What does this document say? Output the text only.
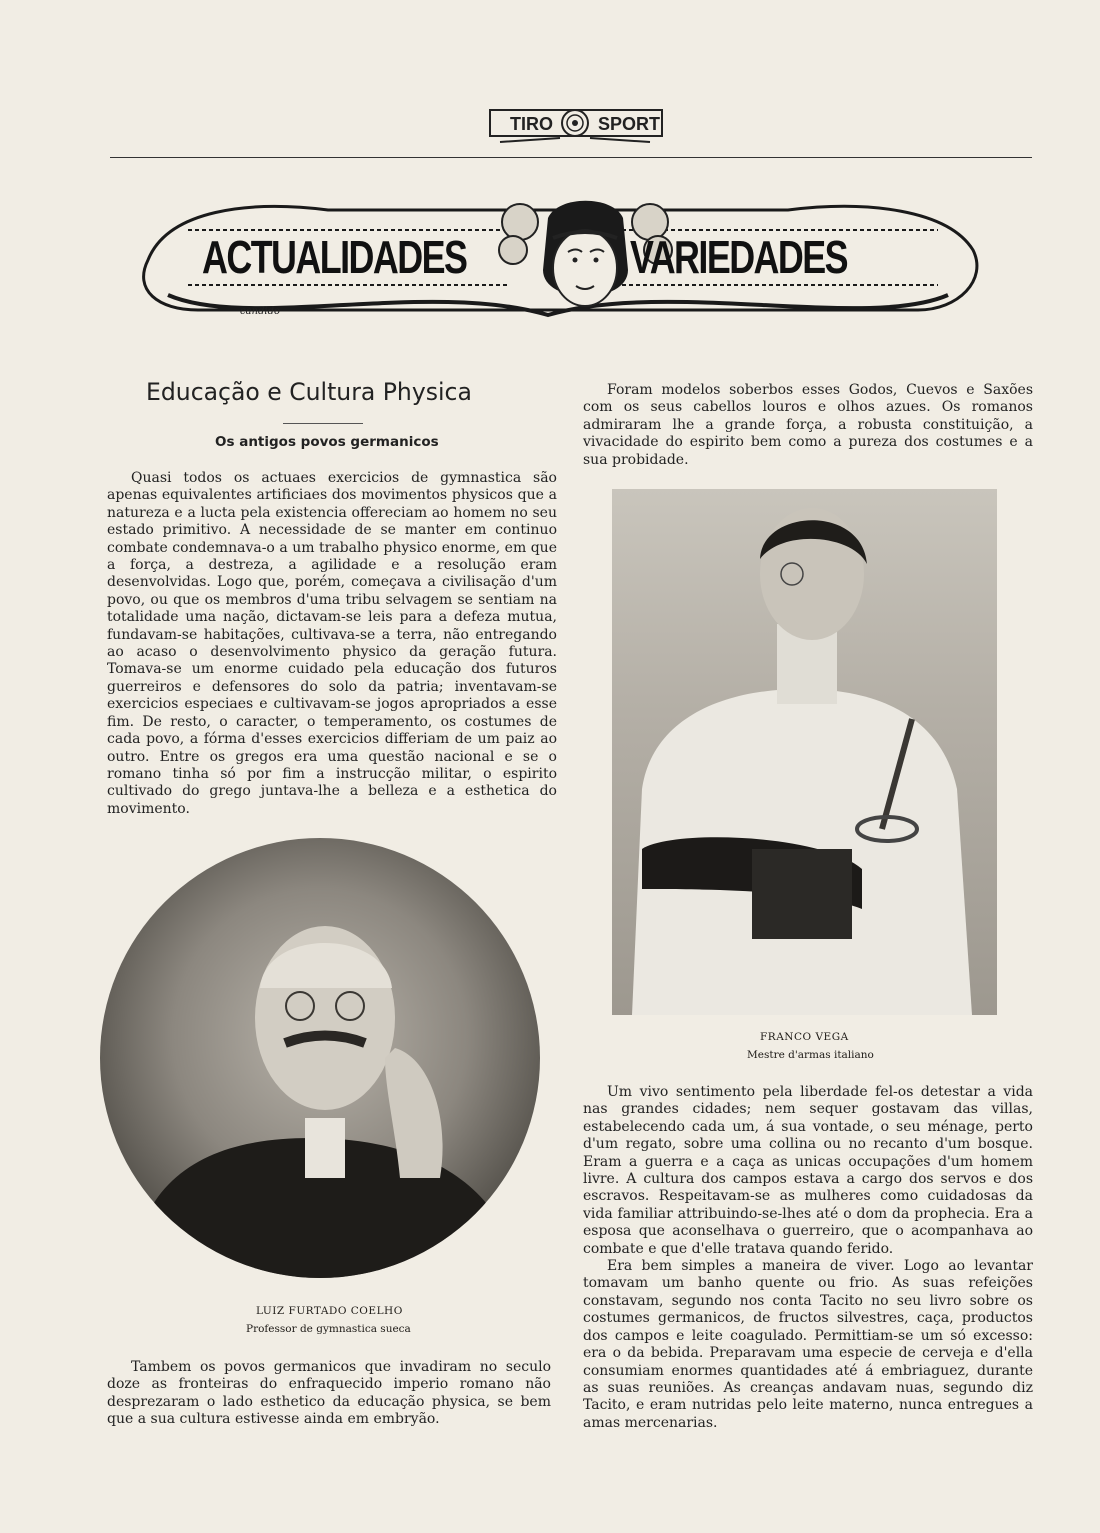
TIRO	SPORT
ACTUALIDADES	VARIEDADES
candido
Educação e Cultura Physica
Os antigos povos germanicos

Quasi todos os actuaes exercicios de gymnastica são apenas equivalentes artificiaes dos movimentos physicos que a natureza e a lucta pela existencia offereciam ao homem no seu estado primitivo. A necessidade de se manter em continuo combate condemnava-o a um trabalho physico enorme, em que a força, a destreza, a agilidade e a resolução eram desenvolvidas. Logo que, porém, começava a civilisação d'um povo, ou que os membros d'uma tribu selvagem se sentiam na totalidade uma nação, dictavam-se leis para a defeza mutua, fundavam-se habitações, cultivava-se a terra, não entregando ao acaso o desenvolvimento physico da geração futura. Tomava-se um enorme cuidado pela educação dos futuros guerreiros e defensores do solo da patria; inventavam-se exercicios especiaes e cultivavam-se jogos apropriados a esse fim. De resto, o caracter, o temperamento, os costumes de cada povo, a fórma d'esses exercicios differiam de um paiz ao outro. Entre os gregos era uma questão nacional e se o romano tinha só por fim a instrucção militar, o espirito cultivado do grego juntava-lhe a belleza e a esthetica do movimento.

LUIZ FURTADO COELHO
Professor de gymnastica sueca

Tambem os povos germanicos que invadiram no seculo doze as fronteiras do enfraquecido imperio romano não desprezaram o lado esthetico da educação physica, se bem que a sua cultura estivesse ainda em embryão.

Foram modelos soberbos esses Godos, Cuevos e Saxões com os seus cabellos louros e olhos azues. Os romanos admiraram lhe a grande força, a robusta constituição, a vivacidade do espirito bem como a pureza dos costumes e a sua probidade.

FRANCO VEGA
Mestre d'armas italiano

Um vivo sentimento pela liberdade fel-os detestar a vida nas grandes cidades; nem sequer gostavam das villas, estabelecendo cada um, á sua vontade, o seu ménage, perto d'um regato, sobre uma collina ou no recanto d'um bosque. Eram a guerra e a caça as unicas occupações d'um homem livre. A cultura dos campos estava a cargo dos servos e dos escravos. Respeitavam-se as mulheres como cuidadosas da vida familiar attribuindo-se-lhes até o dom da prophecia. Era a esposa que aconselhava o guerreiro, que o acompanhava ao combate e que d'elle tratava quando ferido.

Era bem simples a maneira de viver. Logo ao levantar tomavam um banho quente ou frio. As suas refeições constavam, segundo nos conta Tacito no seu livro sobre os costumes germanicos, de fructos silvestres, caça, productos dos campos e leite coagulado. Permittiam-se um só excesso: era o da bebida. Preparavam uma especie de cerveja e d'ella consumiam enormes quantidades até á embriaguez, durante as suas reuniões. As creanças andavam nuas, segundo diz Tacito, e eram nutridas pelo leite materno, nunca entregues a amas mercenarias.
